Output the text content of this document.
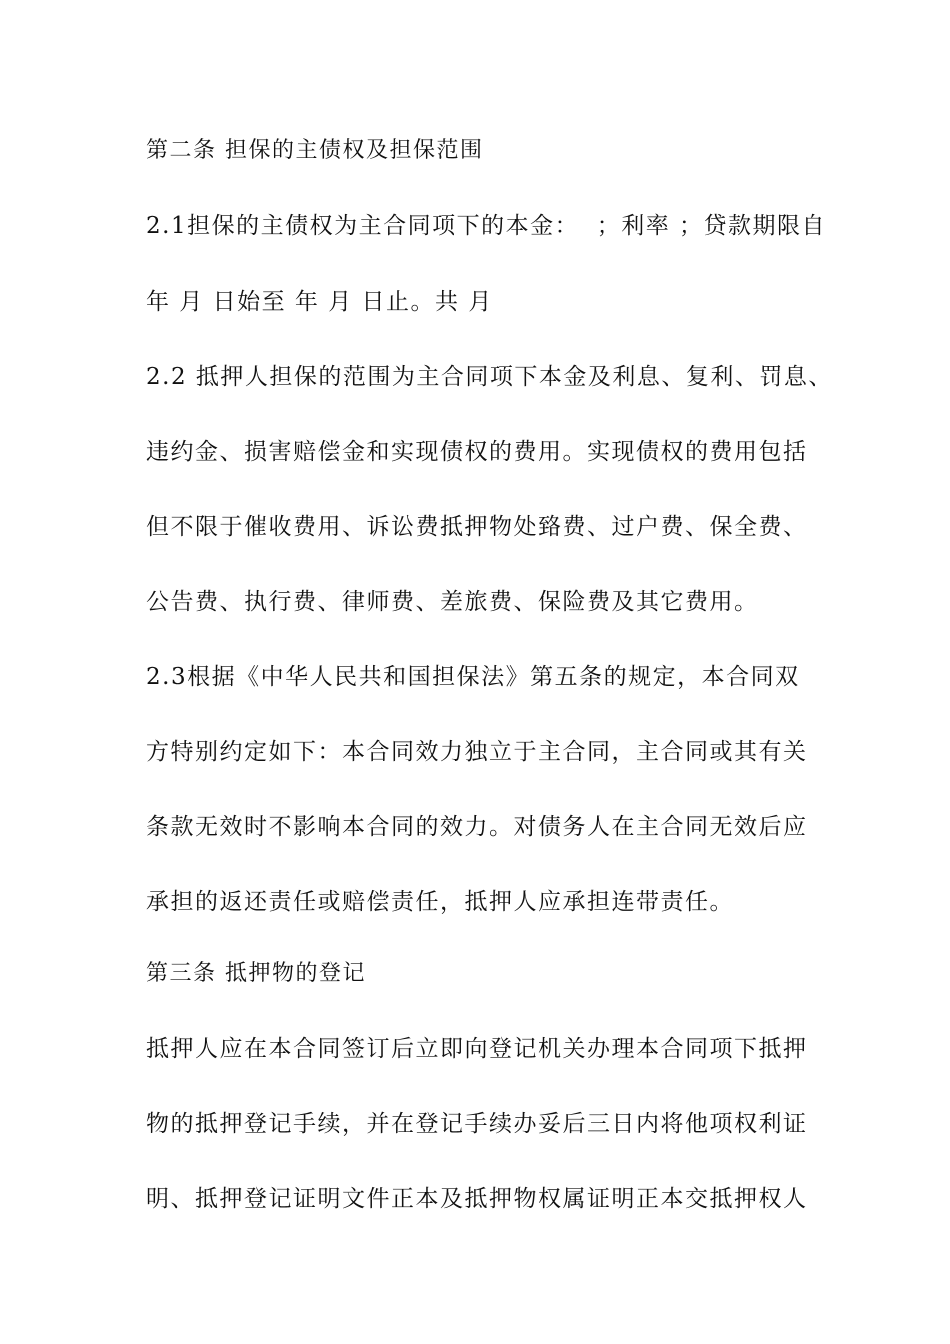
第二条 担保的主债权及担保范围
2.1担保的主债权为主合同项下的本金：  ；利率 ；贷款期限自
年 月 日始至 年 月 日止。共 月
2.2 抵押人担保的范围为主合同项下本金及利息、复利、罚息、
违约金、损害赔偿金和实现债权的费用。实现债权的费用包括
但不限于催收费用、诉讼费抵押物处臵费、过户费、保全费、
公告费、执行费、律师费、差旅费、保险费及其它费用。
2.3根据《中华人民共和国担保法》第五条的规定，本合同双
方特别约定如下：本合同效力独立于主合同，主合同或其有关
条款无效时不影响本合同的效力。对债务人在主合同无效后应
承担的返还责任或赔偿责任，抵押人应承担连带责任。
第三条 抵押物的登记
抵押人应在本合同签订后立即向登记机关办理本合同项下抵押
物的抵押登记手续，并在登记手续办妥后三日内将他项权利证
明、抵押登记证明文件正本及抵押物权属证明正本交抵押权人
